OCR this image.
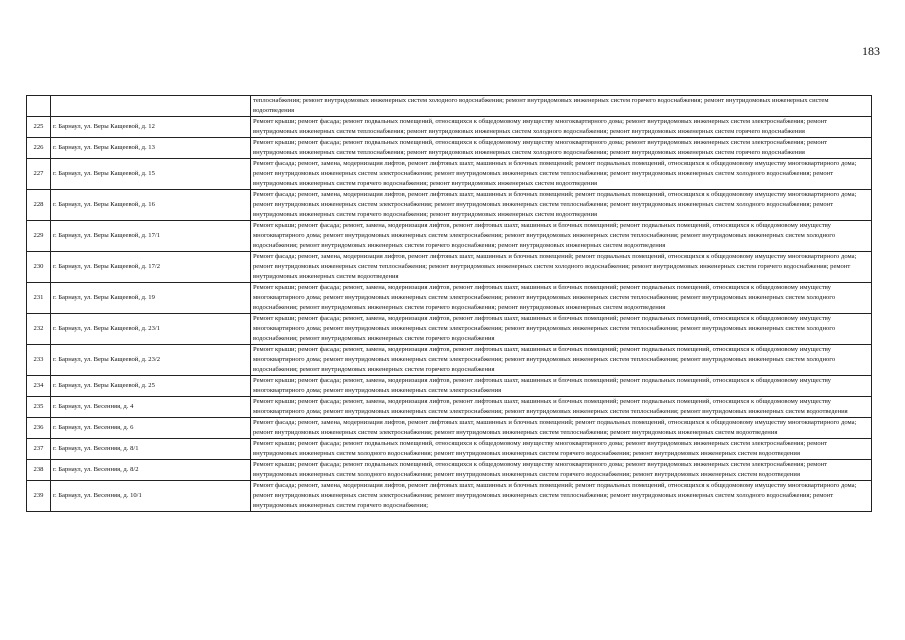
183
		теплоснабжения; ремонт внутридомовых инженерных систем холодного водоснабжения; ремонт внутридомовых инженерных систем горячего водоснабжения; ремонт внутридомовых инженерных систем водоотведения
225	г. Барнаул, ул. Веры Кащеевой, д. 12	Ремонт крыши; ремонт фасада; ремонт подвальных помещений, относящихся к общедомовому имуществу многоквартирного дома; ремонт внутридомовых инженерных систем электроснабжения; ремонт внутридомовых инженерных систем теплоснабжения; ремонт внутридомовых инженерных систем холодного водоснабжения; ремонт внутридомовых инженерных систем горячего водоснабжения
226	г. Барнаул, ул. Веры Кащеевой, д. 13	Ремонт крыши; ремонт фасада; ремонт подвальных помещений, относящихся к общедомовому имуществу многоквартирного дома; ремонт внутридомовых инженерных систем электроснабжения; ремонт внутридомовых инженерных систем теплоснабжения; ремонт внутридомовых инженерных систем холодного водоснабжения; ремонт внутридомовых инженерных систем горячего водоснабжения
227	г. Барнаул, ул. Веры Кащеевой, д. 15	Ремонт фасада; ремонт, замена, модернизация лифтов, ремонт лифтовых шахт, машинных и блочных помещений; ремонт подвальных помещений, относящихся к общедомовому имуществу многоквартирного дома; ремонт внутридомовых инженерных систем электроснабжения; ремонт внутридомовых инженерных систем теплоснабжения; ремонт внутридомовых инженерных систем холодного водоснабжения; ремонт внутридомовых инженерных систем горячего водоснабжения; ремонт внутридомовых инженерных систем водоотведения
228	г. Барнаул, ул. Веры Кащеевой, д. 16	Ремонт фасада; ремонт, замена, модернизация лифтов, ремонт лифтовых шахт, машинных и блочных помещений; ремонт подвальных помещений, относящихся к общедомовому имуществу многоквартирного дома; ремонт внутридомовых инженерных систем электроснабжения; ремонт внутридомовых инженерных систем теплоснабжения; ремонт внутридомовых инженерных систем холодного водоснабжения; ремонт внутридомовых инженерных систем горячего водоснабжения; ремонт внутридомовых инженерных систем водоотведения
229	г. Барнаул, ул. Веры Кащеевой, д. 17/1	Ремонт крыши; ремонт фасада; ремонт, замена, модернизация лифтов, ремонт лифтовых шахт, машинных и блочных помещений; ремонт подвальных помещений, относящихся к общедомовому имуществу многоквартирного дома; ремонт внутридомовых инженерных систем электроснабжения; ремонт внутридомовых инженерных систем теплоснабжения; ремонт внутридомовых инженерных систем холодного водоснабжения; ремонт внутридомовых инженерных систем горячего водоснабжения; ремонт внутридомовых инженерных систем водоотведения
230	г. Барнаул, ул. Веры Кащеевой, д. 17/2	Ремонт фасада; ремонт, замена, модернизация лифтов, ремонт лифтовых шахт, машинных и блочных помещений; ремонт подвальных помещений, относящихся к общедомовому имуществу многоквартирного дома; ремонт внутридомовых инженерных систем теплоснабжения; ремонт внутридомовых инженерных систем холодного водоснабжения; ремонт внутридомовых инженерных систем горячего водоснабжения; ремонт внутридомовых инженерных систем водоотведения
231	г. Барнаул, ул. Веры Кащеевой, д. 19	Ремонт крыши; ремонт фасада; ремонт, замена, модернизация лифтов, ремонт лифтовых шахт, машинных и блочных помещений; ремонт подвальных помещений, относящихся к общедомовому имуществу многоквартирного дома; ремонт внутридомовых инженерных систем электроснабжения; ремонт внутридомовых инженерных систем теплоснабжения; ремонт внутридомовых инженерных систем холодного водоснабжения; ремонт внутридомовых инженерных систем горячего водоснабжения; ремонт внутридомовых инженерных систем водоотведения
232	г. Барнаул, ул. Веры Кащеевой, д. 23/1	Ремонт крыши; ремонт фасада; ремонт, замена, модернизация лифтов, ремонт лифтовых шахт, машинных и блочных помещений; ремонт подвальных помещений, относящихся к общедомовому имуществу многоквартирного дома; ремонт внутридомовых инженерных систем электроснабжения; ремонт внутридомовых инженерных систем теплоснабжения; ремонт внутридомовых инженерных систем холодного водоснабжения; ремонт внутридомовых инженерных систем горячего водоснабжения
233	г. Барнаул, ул. Веры Кащеевой, д. 23/2	Ремонт крыши; ремонт фасада; ремонт, замена, модернизация лифтов, ремонт лифтовых шахт, машинных и блочных помещений; ремонт подвальных помещений, относящихся к общедомовому имуществу многоквартирного дома; ремонт внутридомовых инженерных систем электроснабжения; ремонт внутридомовых инженерных систем теплоснабжения; ремонт внутридомовых инженерных систем холодного водоснабжения; ремонт внутридомовых инженерных систем горячего водоснабжения
234	г. Барнаул, ул. Веры Кащеевой, д. 25	Ремонт крыши; ремонт фасада; ремонт, замена, модернизация лифтов, ремонт лифтовых шахт, машинных и блочных помещений; ремонт подвальных помещений, относящихся к общедомовому имуществу многоквартирного дома; ремонт внутридомовых инженерных систем электроснабжения
235	г. Барнаул, ул. Весенняя, д. 4	Ремонт крыши; ремонт фасада; ремонт, замена, модернизация лифтов, ремонт лифтовых шахт, машинных и блочных помещений; ремонт подвальных помещений, относящихся к общедомовому имуществу многоквартирного дома; ремонт внутридомовых инженерных систем электроснабжения; ремонт внутридомовых инженерных систем теплоснабжения; ремонт внутридомовых инженерных систем водоотведения
236	г. Барнаул, ул. Весенняя, д. 6	Ремонт фасада; ремонт, замена, модернизация лифтов, ремонт лифтовых шахт, машинных и блочных помещений; ремонт подвальных помещений, относящихся к общедомовому имуществу многоквартирного дома; ремонт внутридомовых инженерных систем электроснабжения; ремонт внутридомовых инженерных систем теплоснабжения; ремонт внутридомовых инженерных систем водоотведения
237	г. Барнаул, ул. Весенняя, д. 8/1	Ремонт крыши; ремонт фасада; ремонт подвальных помещений, относящихся к общедомовому имуществу многоквартирного дома; ремонт внутридомовых инженерных систем электроснабжения; ремонт внутридомовых инженерных систем холодного водоснабжения; ремонт внутридомовых инженерных систем горячего водоснабжения; ремонт внутридомовых инженерных систем водоотведения
238	г. Барнаул, ул. Весенняя, д. 8/2	Ремонт крыши; ремонт фасада; ремонт подвальных помещений, относящихся к общедомовому имуществу многоквартирного дома; ремонт внутридомовых инженерных систем электроснабжения; ремонт внутридомовых инженерных систем холодного водоснабжения; ремонт внутридомовых инженерных систем горячего водоснабжения; ремонт внутридомовых инженерных систем водоотведения
239	г. Барнаул, ул. Весенняя, д. 10/1	Ремонт фасада; ремонт, замена, модернизация лифтов, ремонт лифтовых шахт, машинных и блочных помещений; ремонт подвальных помещений, относящихся к общедомовому имуществу многоквартирного дома; ремонт внутридомовых инженерных систем электроснабжения; ремонт внутридомовых инженерных систем теплоснабжения; ремонт внутридомовых инженерных систем холодного водоснабжения; ремонт внутридомовых инженерных систем горячего водоснабжения;
